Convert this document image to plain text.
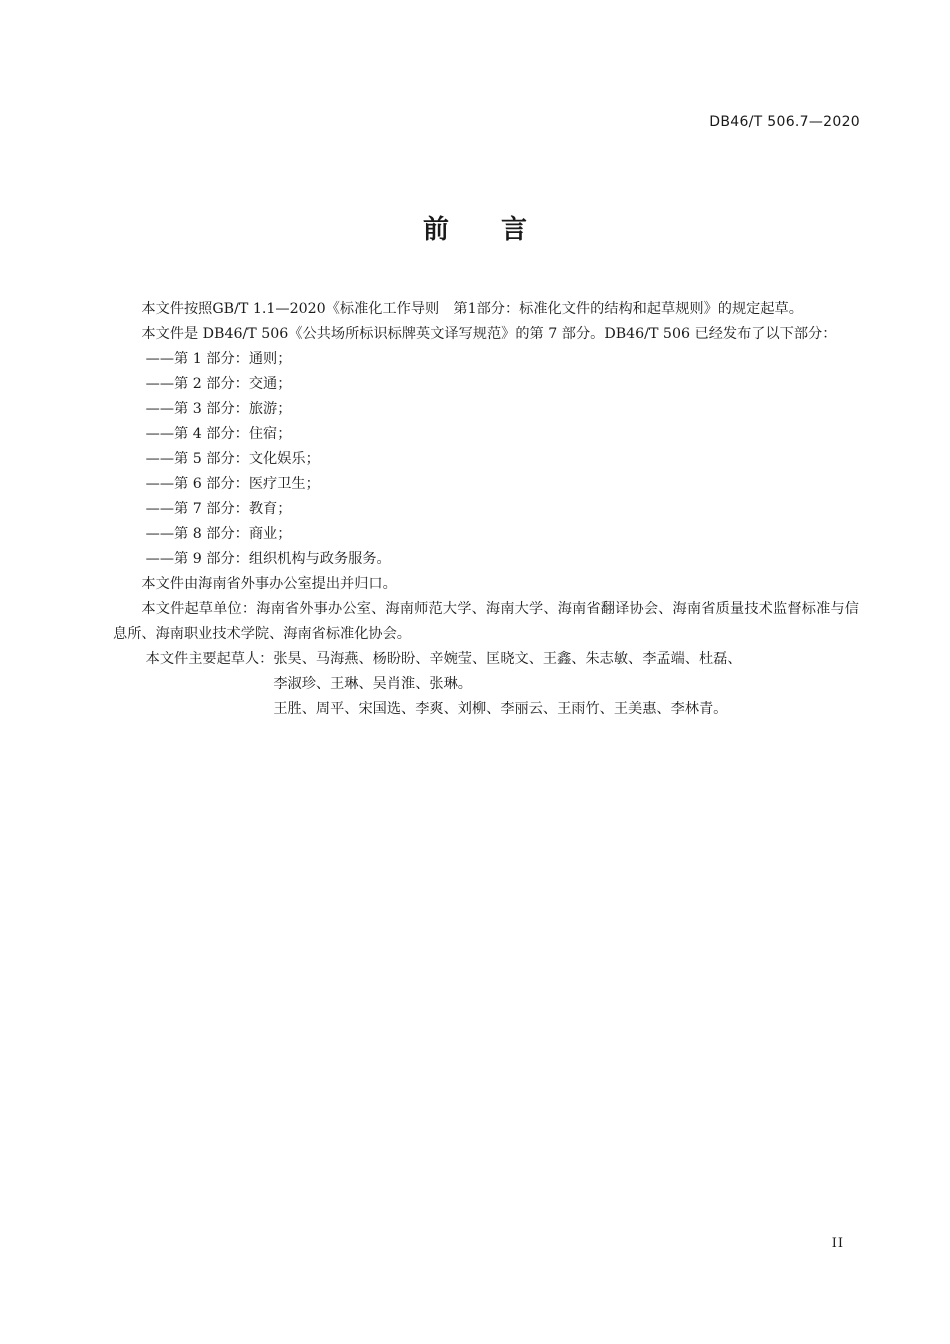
DB46/T 506.7—2020
前言

本文件按照GB/T 1.1—2020《标准化工作导则　第1部分：标准化文件的结构和起草规则》的规定起草。

本文件是 DB46/T 506《公共场所标识标牌英文译写规范》的第 7 部分。DB46/T 506 已经发布了以下部分：

——第 1 部分：通则；

——第 2 部分：交通；

——第 3 部分：旅游；

——第 4 部分：住宿；

——第 5 部分：文化娱乐；

——第 6 部分：医疗卫生；

——第 7 部分：教育；

——第 8 部分：商业；

——第 9 部分：组织机构与政务服务。

本文件由海南省外事办公室提出并归口。

本文件起草单位：海南省外事办公室、海南师范大学、海南大学、海南省翻译协会、海南省质量技术监督标准与信息所、海南职业技术学院、海南省标准化协会。

本文件主要起草人： 张昊、马海燕、杨盼盼、辛婉莹、匡晓文、王鑫、朱志敏、李孟端、杜磊、
李淑珍、王琳、吴肖淮、张琳。
王胜、周平、宋国选、李爽、刘柳、李丽云、王雨竹、王美惠、李林青。
II
